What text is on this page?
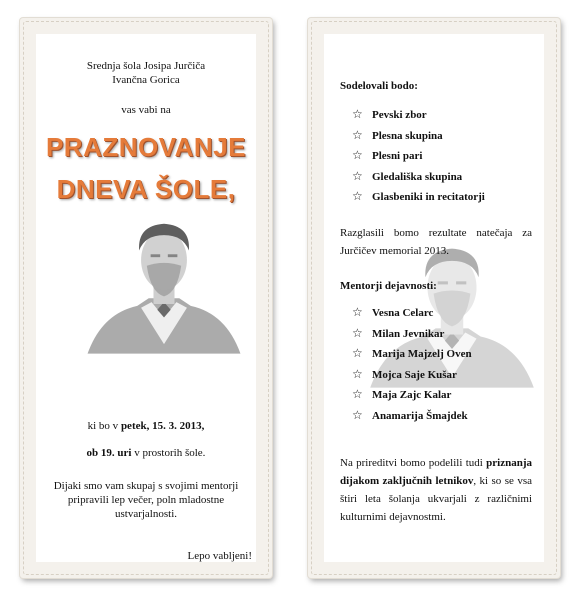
Srednja šola Josipa Jurčiča
Ivančna Gorica
vas vabi na
PRAZNOVANJE
DNEVA ŠOLE,
ki bo v petek, 15. 3. 2013,
ob 19. uri v prostorih šole.
Dijaki smo vam skupaj s svojimi mentorji pripravili lep večer, poln mladostne ustvarjalnosti.
Lepo vabljeni!
Sodelovali bodo:
☆ Pevski zbor
☆ Plesna skupina
☆ Plesni pari
☆ Gledališka skupina
☆ Glasbeniki in recitatorji
Razglasili bomo rezultate natečaja za Jurčičev memorial 2013.
Mentorji dejavnosti:
☆ Vesna Celarc
☆ Milan Jevnikar
☆ Marija Majzelj Oven
☆ Mojca Saje Kušar
☆ Maja Zajc Kalar
☆ Anamarija Šmajdek
Na prireditvi bomo podelili tudi priznanja dijakom zaključnih letnikov, ki so se vsa štiri leta šolanja ukvarjali z različnimi kulturnimi dejavnostmi.
